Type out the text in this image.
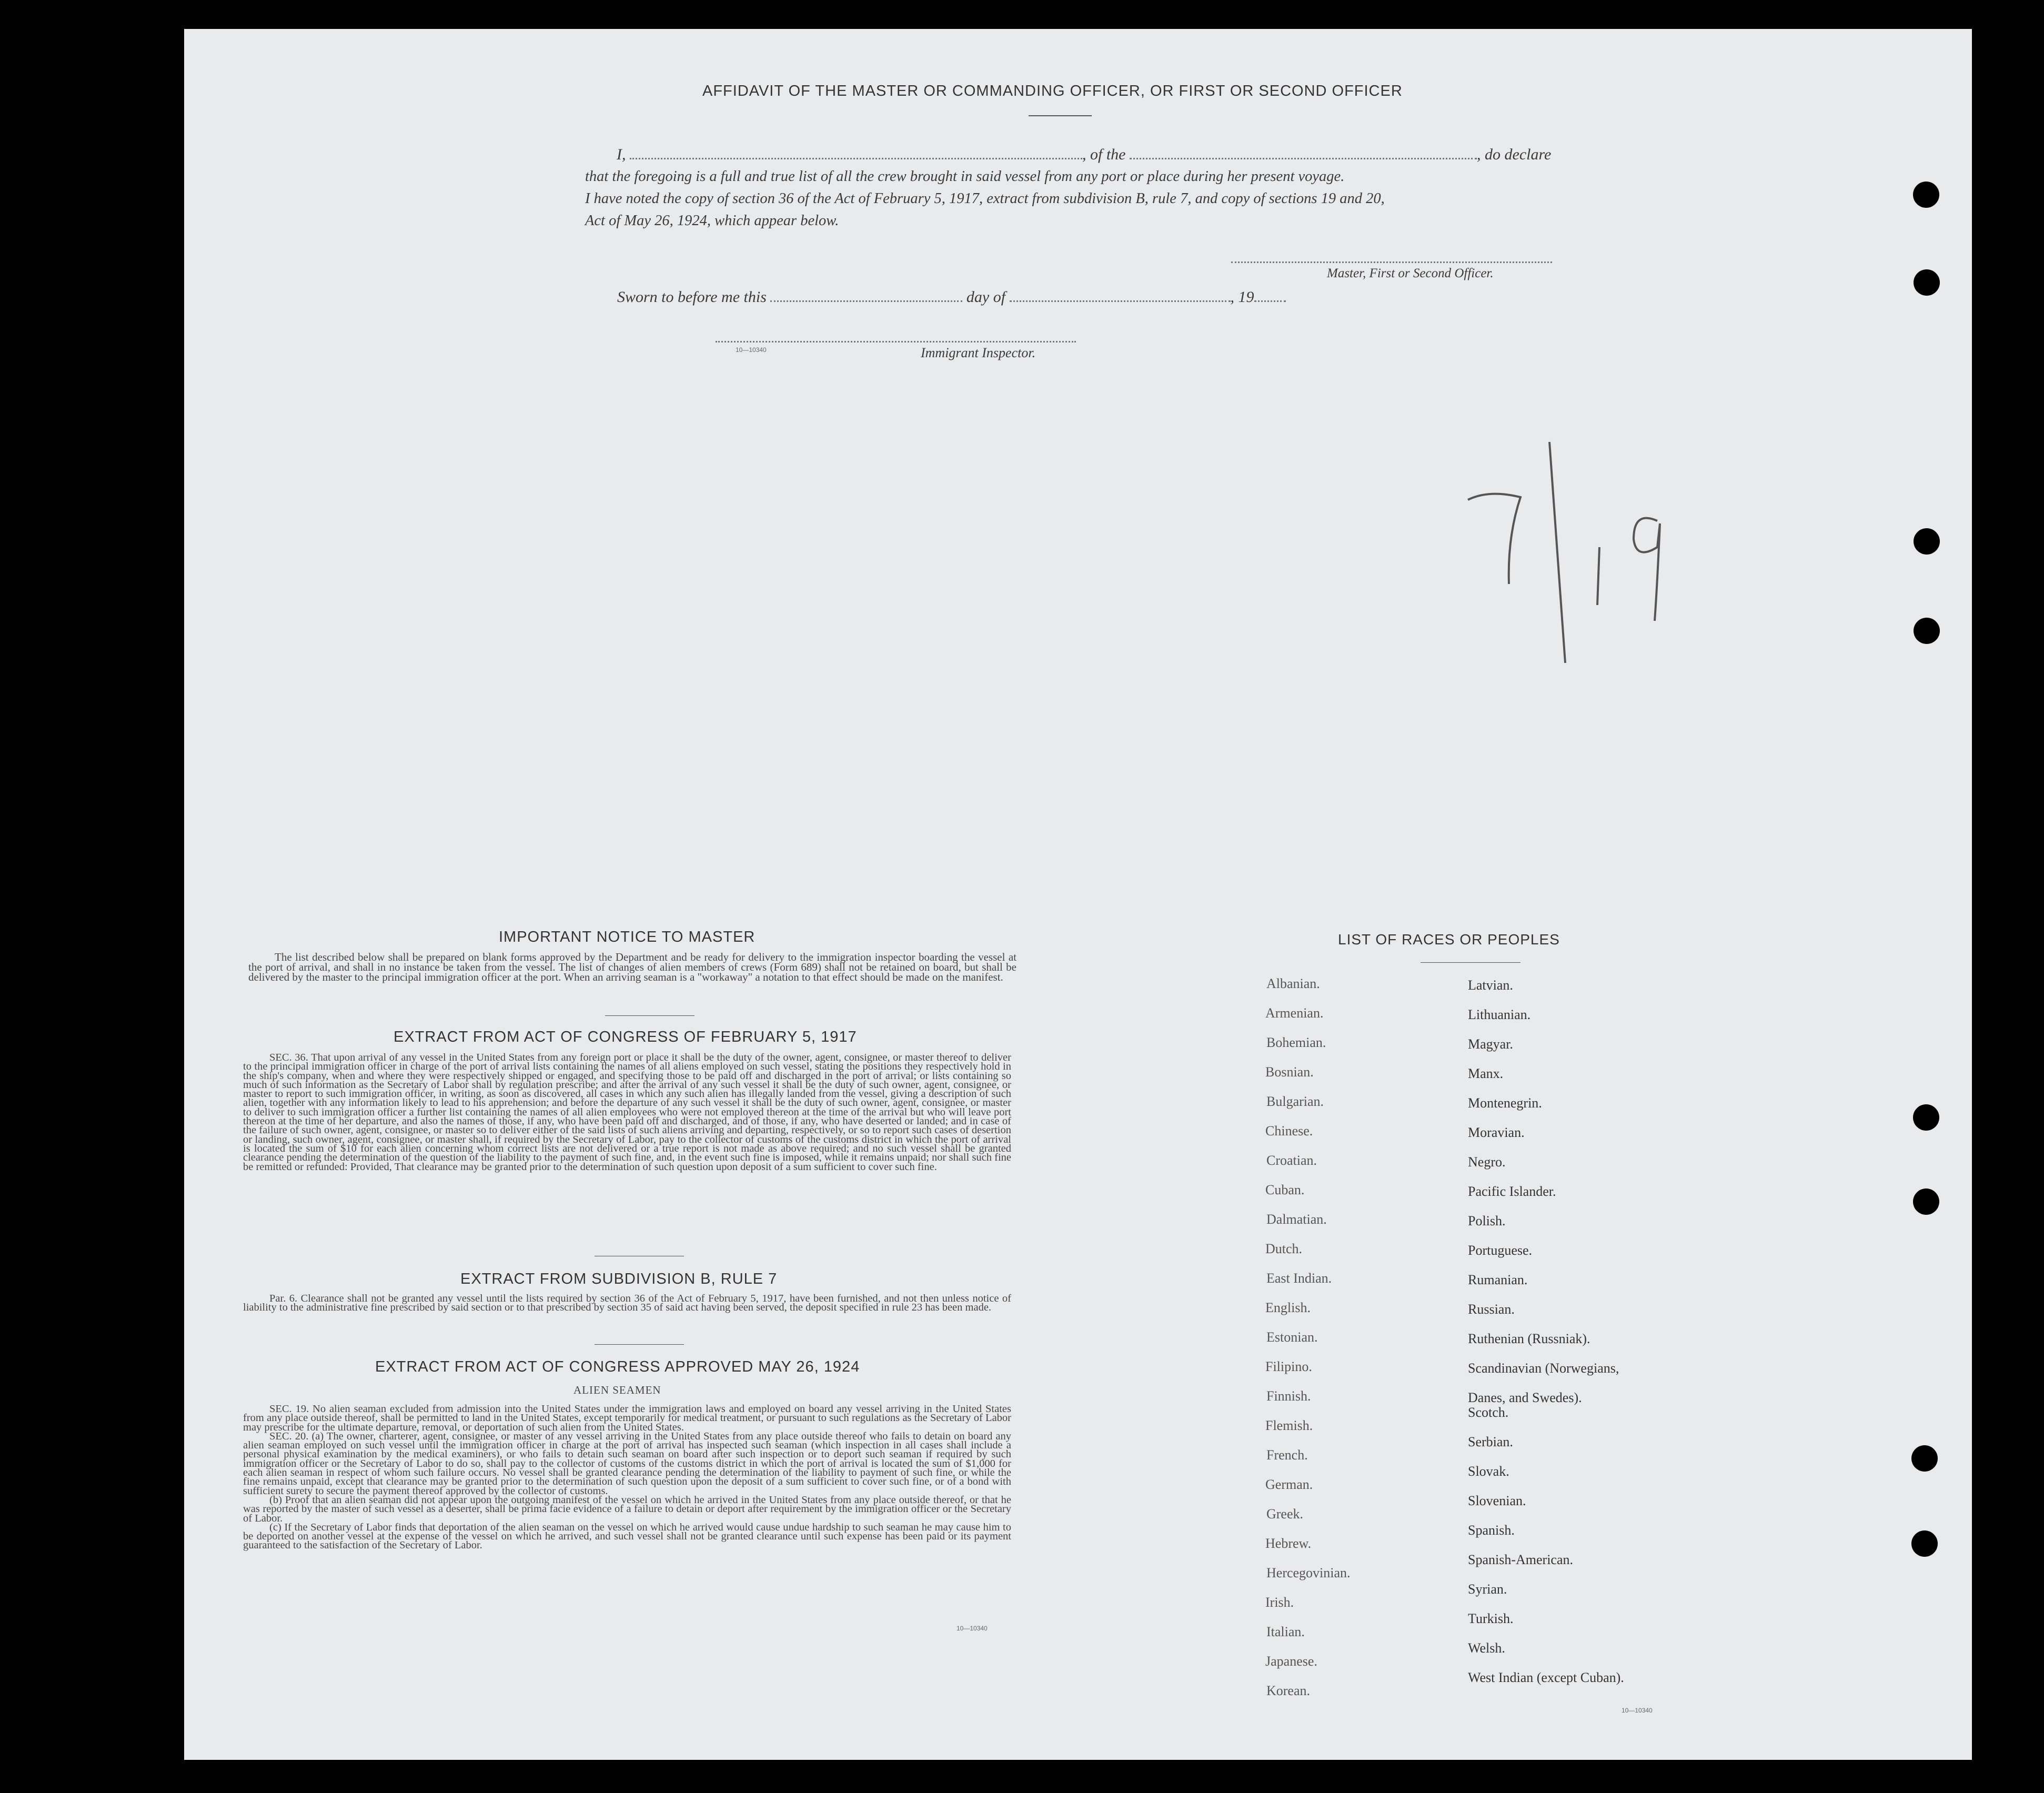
AFFIDAVIT OF THE MASTER OR COMMANDING OFFICER, OR FIRST OR SECOND OFFICER
I,	, of the	, do declare
that the foregoing is a full and true list of all the crew brought in said vessel from any port or place during her present voyage.
I have noted the copy of section 36 of the Act of February 5, 1917, extract from subdivision B, rule 7, and copy of sections 19 and 20,
Act of May 26, 1924, which appear below.
Master, First or Second Officer.
Sworn to before me this	day of	, 19
10—10340	Immigrant Inspector.
IMPORTANT NOTICE TO MASTER
The list described below shall be prepared on blank forms approved by the Department and be ready for delivery to the immigration inspector boarding the vessel at the port of arrival, and shall in no instance be taken from the vessel. The list of changes of alien members of crews (Form 689) shall not be retained on board, but shall be delivered by the master to the principal immigration officer at the port. When an arriving seaman is a "workaway" a notation to that effect should be made on the manifest.
EXTRACT FROM ACT OF CONGRESS OF FEBRUARY 5, 1917
SEC. 36. That upon arrival of any vessel in the United States from any foreign port or place it shall be the duty of the owner, agent, consignee, or master thereof to deliver to the principal immigration officer in charge of the port of arrival lists containing the names of all aliens employed on such vessel, stating the positions they respectively hold in the ship's company, when and where they were respectively shipped or engaged, and specifying those to be paid off and discharged in the port of arrival; or lists containing so much of such information as the Secretary of Labor shall by regulation prescribe; and after the arrival of any such vessel it shall be the duty of such owner, agent, consignee, or master to report to such immigration officer, in writing, as soon as discovered, all cases in which any such alien has illegally landed from the vessel, giving a description of such alien, together with any information likely to lead to his apprehension; and before the departure of any such vessel it shall be the duty of such owner, agent, consignee, or master to deliver to such immigration officer a further list containing the names of all alien employees who were not employed thereon at the time of the arrival but who will leave port thereon at the time of her departure, and also the names of those, if any, who have been paid off and discharged, and of those, if any, who have deserted or landed; and in case of the failure of such owner, agent, consignee, or master so to deliver either of the said lists of such aliens arriving and departing, respectively, or so to report such cases of desertion or landing, such owner, agent, consignee, or master shall, if required by the Secretary of Labor, pay to the collector of customs of the customs district in which the port of arrival is located the sum of $10 for each alien concerning whom correct lists are not delivered or a true report is not made as above required; and no such vessel shall be granted clearance pending the determination of the question of the liability to the payment of such fine, and, in the event such fine is imposed, while it remains unpaid; nor shall such fine be remitted or refunded: Provided, That clearance may be granted prior to the determination of such question upon deposit of a sum sufficient to cover such fine.
EXTRACT FROM SUBDIVISION B, RULE 7
Par. 6. Clearance shall not be granted any vessel until the lists required by section 36 of the Act of February 5, 1917, have been furnished, and not then unless notice of liability to the administrative fine prescribed by said section or to that prescribed by section 35 of said act having been served, the deposit specified in rule 23 has been made.
EXTRACT FROM ACT OF CONGRESS APPROVED MAY 26, 1924
ALIEN SEAMEN
SEC. 19. No alien seaman excluded from admission into the United States under the immigration laws and employed on board any vessel arriving in the United States from any place outside thereof, shall be permitted to land in the United States, except temporarily for medical treatment, or pursuant to such regulations as the Secretary of Labor may prescribe for the ultimate departure, removal, or deportation of such alien from the United States.
SEC. 20. (a) The owner, charterer, agent, consignee, or master of any vessel arriving in the United States from any place outside thereof who fails to detain on board any alien seaman employed on such vessel until the immigration officer in charge at the port of arrival has inspected such seaman (which inspection in all cases shall include a personal physical examination by the medical examiners), or who fails to detain such seaman on board after such inspection or to deport such seaman if required by such immigration officer or the Secretary of Labor to do so, shall pay to the collector of customs of the customs district in which the port of arrival is located the sum of $1,000 for each alien seaman in respect of whom such failure occurs. No vessel shall be granted clearance pending the determination of the liability to payment of such fine, or while the fine remains unpaid, except that clearance may be granted prior to the determination of such question upon the deposit of a sum sufficient to cover such fine, or of a bond with sufficient surety to secure the payment thereof approved by the collector of customs.
(b) Proof that an alien seaman did not appear upon the outgoing manifest of the vessel on which he arrived in the United States from any place outside thereof, or that he was reported by the master of such vessel as a deserter, shall be prima facie evidence of a failure to detain or deport after requirement by the immigration officer or the Secretary of Labor.
(c) If the Secretary of Labor finds that deportation of the alien seaman on the vessel on which he arrived would cause undue hardship to such seaman he may cause him to be deported on another vessel at the expense of the vessel on which he arrived, and such vessel shall not be granted clearance until such expense has been paid or its payment guaranteed to the satisfaction of the Secretary of Labor.
10—10340
LIST OF RACES OR PEOPLES
Albanian.
Armenian.
Bohemian.
Bosnian.
Bulgarian.
Chinese.
Croatian.
Cuban.
Dalmatian.
Dutch.
East Indian.
English.
Estonian.
Filipino.
Finnish.
Flemish.
French.
German.
Greek.
Hebrew.
Hercegovinian.
Irish.
Italian.
Japanese.
Korean.
Latvian.
Lithuanian.
Magyar.
Manx.
Montenegrin.
Moravian.
Negro.
Pacific Islander.
Polish.
Portuguese.
Rumanian.
Russian.
Ruthenian (Russniak).
Scandinavian (Norwegians,
Danes, and Swedes).
Scotch.
Serbian.
Slovak.
Slovenian.
Spanish.
Spanish-American.
Syrian.
Turkish.
Welsh.
West Indian (except Cuban).
10—10340
